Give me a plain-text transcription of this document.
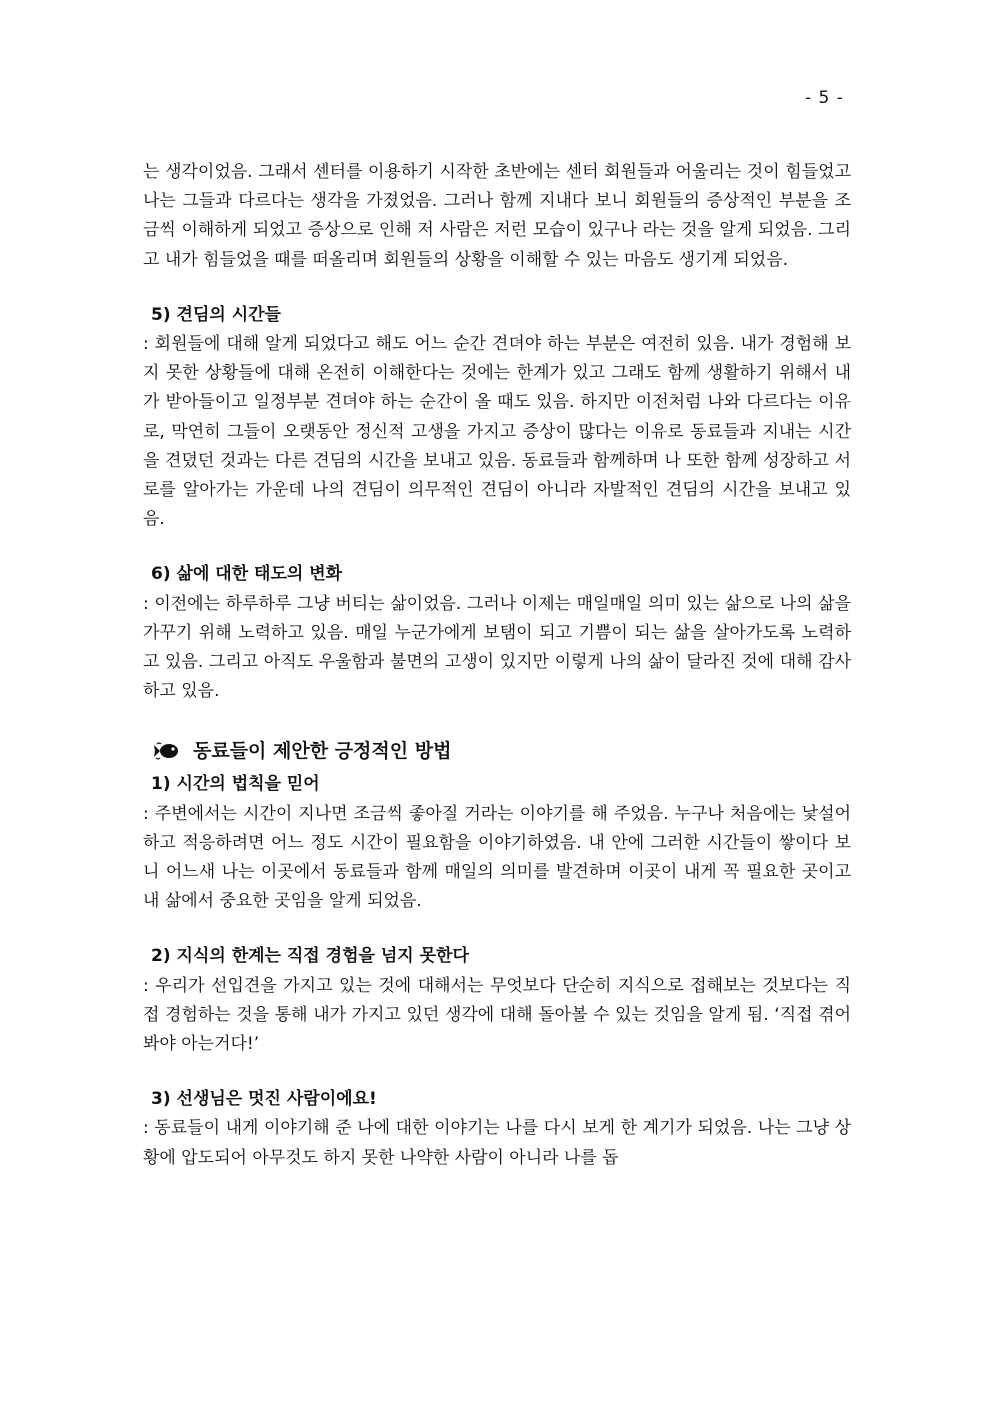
- 5 -

는 생각이었음. 그래서 센터를 이용하기 시작한 초반에는 센터 회원들과 어울리는 것이 힘들었고 나는 그들과 다르다는 생각을 가졌었음. 그러나 함께 지내다 보니 회원들의 증상적인 부분을 조금씩 이해하게 되었고 증상으로 인해 저 사람은 저런 모습이 있구나 라는 것을 알게 되었음. 그리고 내가 힘들었을 때를 떠올리며 회원들의 상황을 이해할 수 있는 마음도 생기게 되었음.

5) 견딤의 시간들

: 회원들에 대해 알게 되었다고 해도 어느 순간 견뎌야 하는 부분은 여전히 있음. 내가 경험해 보지 못한 상황들에 대해 온전히 이해한다는 것에는 한계가 있고 그래도 함께 생활하기 위해서 내가 받아들이고 일정부분 견뎌야 하는 순간이 올 때도 있음. 하지만 이전처럼 나와 다르다는 이유로, 막연히 그들이 오랫동안 정신적 고생을 가지고 증상이 많다는 이유로 동료들과 지내는 시간을 견뎠던 것과는 다른 견딤의 시간을 보내고 있음. 동료들과 함께하며 나 또한 함께 성장하고 서로를 알아가는 가운데 나의 견딤이 의무적인 견딤이 아니라 자발적인 견딤의 시간을 보내고 있음.

6) 삶에 대한 태도의 변화

: 이전에는 하루하루 그냥 버티는 삶이었음. 그러나 이제는 매일매일 의미 있는 삶으로 나의 삶을 가꾸기 위해 노력하고 있음. 매일 누군가에게 보탬이 되고 기쁨이 되는 삶을 살아가도록 노력하고 있음. 그리고 아직도 우울함과 불면의 고생이 있지만 이렇게 나의 삶이 달라진 것에 대해 감사하고 있음.

동료들이 제안한 긍정적인 방법

1) 시간의 법칙을 믿어

: 주변에서는 시간이 지나면 조금씩 좋아질 거라는 이야기를 해 주었음. 누구나 처음에는 낯설어하고 적응하려면 어느 정도 시간이 필요함을 이야기하였음. 내 안에 그러한 시간들이 쌓이다 보니 어느새 나는 이곳에서 동료들과 함께 매일의 의미를 발견하며 이곳이 내게 꼭 필요한 곳이고 내 삶에서 중요한 곳임을 알게 되었음.

2) 지식의 한계는 직접 경험을 넘지 못한다

: 우리가 선입견을 가지고 있는 것에 대해서는 무엇보다 단순히 지식으로 접해보는 것보다는 직접 경험하는 것을 통해 내가 가지고 있던 생각에 대해 돌아볼 수 있는 것임을 알게 됨. ‘직접 겪어봐야 아는거다!’

3) 선생님은 멋진 사람이에요!

: 동료들이 내게 이야기해 준 나에 대한 이야기는 나를 다시 보게 한 계기가 되었음. 나는 그냥 상황에 압도되어 아무것도 하지 못한 나약한 사람이 아니라 나를 돕
